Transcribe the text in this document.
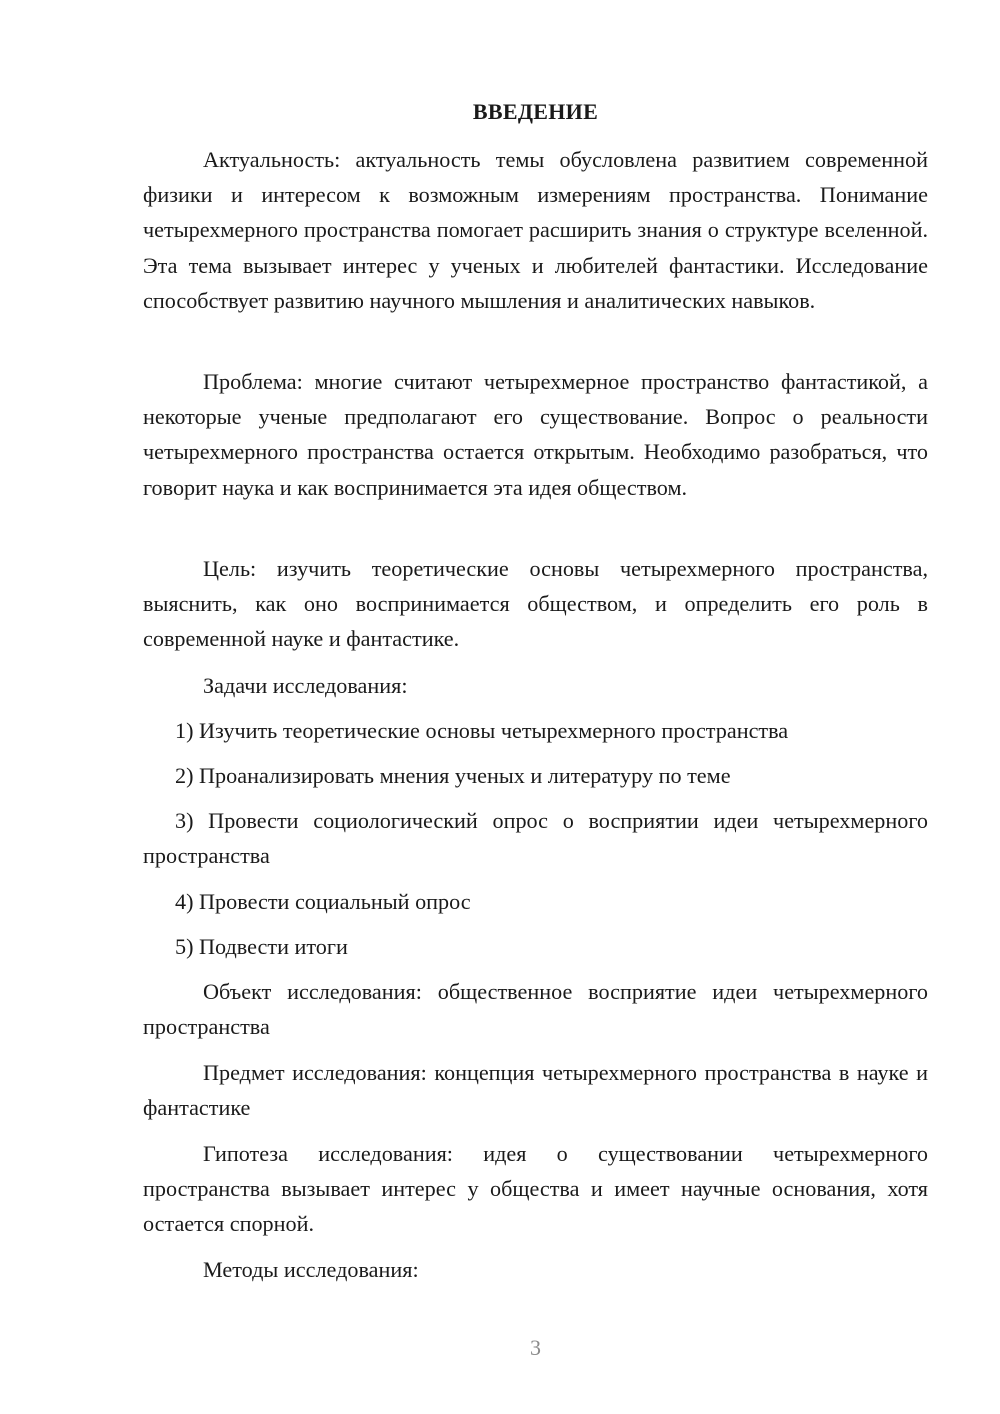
ВВЕДЕНИЕ

Актуальность: актуальность темы обусловлена развитием современной физики и интересом к возможным измерениям пространства. Понимание четырехмерного пространства помогает расширить знания о структуре вселенной. Эта тема вызывает интерес у ученых и любителей фантастики. Исследование способствует развитию научного мышления и аналитических навыков.

Проблема: многие считают четырехмерное пространство фантастикой, а некоторые ученые предполагают его существование. Вопрос о реальности четырехмерного пространства остается открытым. Необходимо разобраться, что говорит наука и как воспринимается эта идея обществом.

Цель: изучить теоретические основы четырехмерного пространства, выяснить, как оно воспринимается обществом, и определить его роль в современной науке и фантастике.

Задачи исследования:

1) Изучить теоретические основы четырехмерного пространства

2) Проанализировать мнения ученых и литературу по теме

3) Провести социологический опрос о восприятии идеи четырехмерного пространства

4) Провести социальный опрос

5) Подвести итоги

Объект исследования: общественное восприятие идеи четырехмерного пространства

Предмет исследования: концепция четырехмерного пространства в науке и фантастике

Гипотеза исследования: идея о существовании четырехмерного пространства вызывает интерес у общества и имеет научные основания, хотя остается спорной.

Методы исследования:

3
